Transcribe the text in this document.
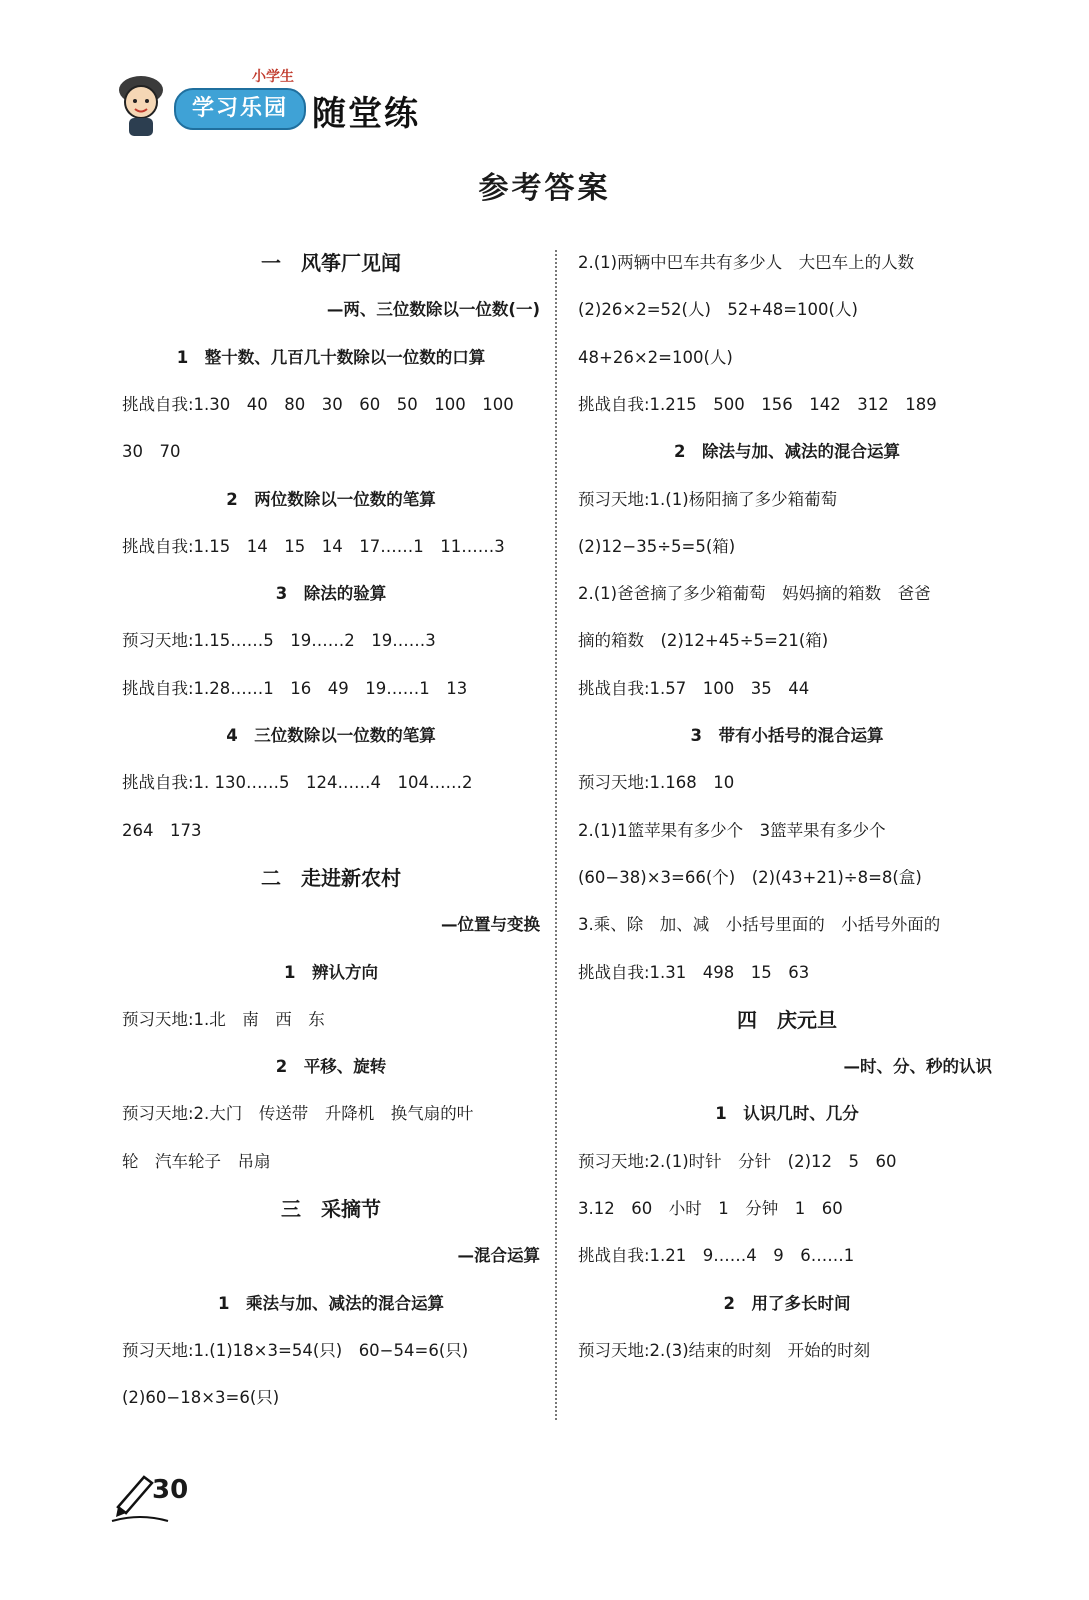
小学生
学习乐园 随堂练
参考答案
一　风筝厂见闻
—两、三位数除以一位数(一)
1　整十数、几百几十数除以一位数的口算
挑战自我:1.30　40　80　30　60　50　100　100
30　70
2　两位数除以一位数的笔算
挑战自我:1.15　14　15　14　17……1　11……3
3　除法的验算
预习天地:1.15……5　19……2　19……3
挑战自我:1.28……1　16　49　19……1　13
4　三位数除以一位数的笔算
挑战自我:1. 130……5　124……4　104……2
264　173
二　走进新农村
—位置与变换
1　辨认方向
预习天地:1.北　南　西　东
2　平移、旋转
预习天地:2.大门　传送带　升降机　换气扇的叶
轮　汽车轮子　吊扇
三　采摘节
—混合运算
1　乘法与加、减法的混合运算
预习天地:1.(1)18×3=54(只)　60−54=6(只)
(2)60−18×3=6(只)
2.(1)两辆中巴车共有多少人　大巴车上的人数
(2)26×2=52(人)　52+48=100(人)
48+26×2=100(人)
挑战自我:1.215　500　156　142　312　189
2　除法与加、减法的混合运算
预习天地:1.(1)杨阳摘了多少箱葡萄
(2)12−35÷5=5(箱)
2.(1)爸爸摘了多少箱葡萄　妈妈摘的箱数　爸爸
摘的箱数　(2)12+45÷5=21(箱)
挑战自我:1.57　100　35　44
3　带有小括号的混合运算
预习天地:1.168　10
2.(1)1篮苹果有多少个　3篮苹果有多少个
(60−38)×3=66(个)　(2)(43+21)÷8=8(盒)
3.乘、除　加、减　小括号里面的　小括号外面的
挑战自我:1.31　498　15　63
四　庆元旦
—时、分、秒的认识
1　认识几时、几分
预习天地:2.(1)时针　分针　(2)12　5　60
3.12　60　小时　1　分钟　1　60
挑战自我:1.21　9……4　9　6……1
2　用了多长时间
预习天地:2.(3)结束的时刻　开始的时刻
30
